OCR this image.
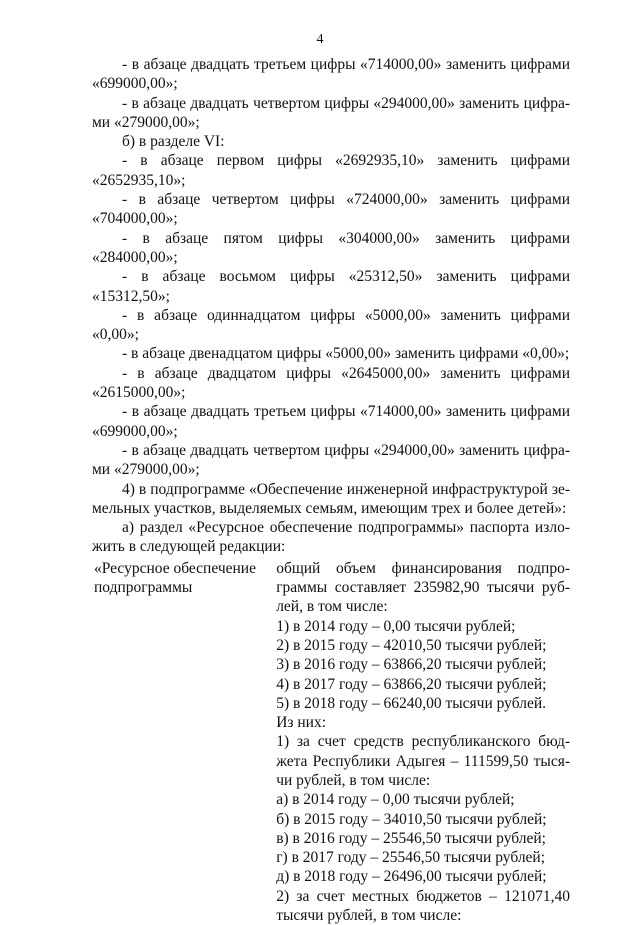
4

- в абзаце двадцать третьем цифры «714000,00» заменить цифрами «699000,00»;

- в абзаце двадцать четвертом цифры «294000,00» заменить цифра-ми «279000,00»;

б) в разделе VI:

- в абзаце первом цифры «2692935,10» заменить цифрами «2652935,10»;

- в абзаце четвертом цифры «724000,00» заменить цифрами «704000,00»;

- в абзаце пятом цифры «304000,00» заменить цифрами «284000,00»;

- в абзаце восьмом цифры «25312,50» заменить цифрами «15312,50»;

- в абзаце одиннадцатом цифры «5000,00» заменить цифрами «0,00»;

- в абзаце двенадцатом цифры «5000,00» заменить цифрами «0,00»;

- в абзаце двадцатом цифры «2645000,00» заменить цифрами «2615000,00»;

- в абзаце двадцать третьем цифры «714000,00» заменить цифрами «699000,00»;

- в абзаце двадцать четвертом цифры «294000,00» заменить цифра-ми «279000,00»;

4) в подпрограмме «Обеспечение инженерной инфраструктурой зе-мельных участков, выделяемых семьям, имеющим трех и более детей»:

а) раздел «Ресурсное обеспечение подпрограммы» паспорта изло-жить в следующей редакции:

«Ресурсное обеспечение подпрограммы

общий объем финансирования подпро-граммы составляет 235982,90 тысячи руб-лей, в том числе:

1) в 2014 году – 0,00 тысячи рублей;

2) в 2015 году – 42010,50 тысячи рублей;

3) в 2016 году – 63866,20 тысячи рублей;

4) в 2017 году – 63866,20 тысячи рублей;

5) в 2018 году – 66240,00 тысячи рублей.

Из них:

1) за счет средств республиканского бюд-жета Республики Адыгея – 111599,50 тыся-чи рублей, в том числе:

а) в 2014 году – 0,00 тысячи рублей;

б) в 2015 году – 34010,50 тысячи рублей;

в) в 2016 году – 25546,50 тысячи рублей;

г) в 2017 году – 25546,50 тысячи рублей;

д) в 2018 году – 26496,00 тысячи рублей;

2) за счет местных бюджетов – 121071,40 тысячи рублей, в том числе:
